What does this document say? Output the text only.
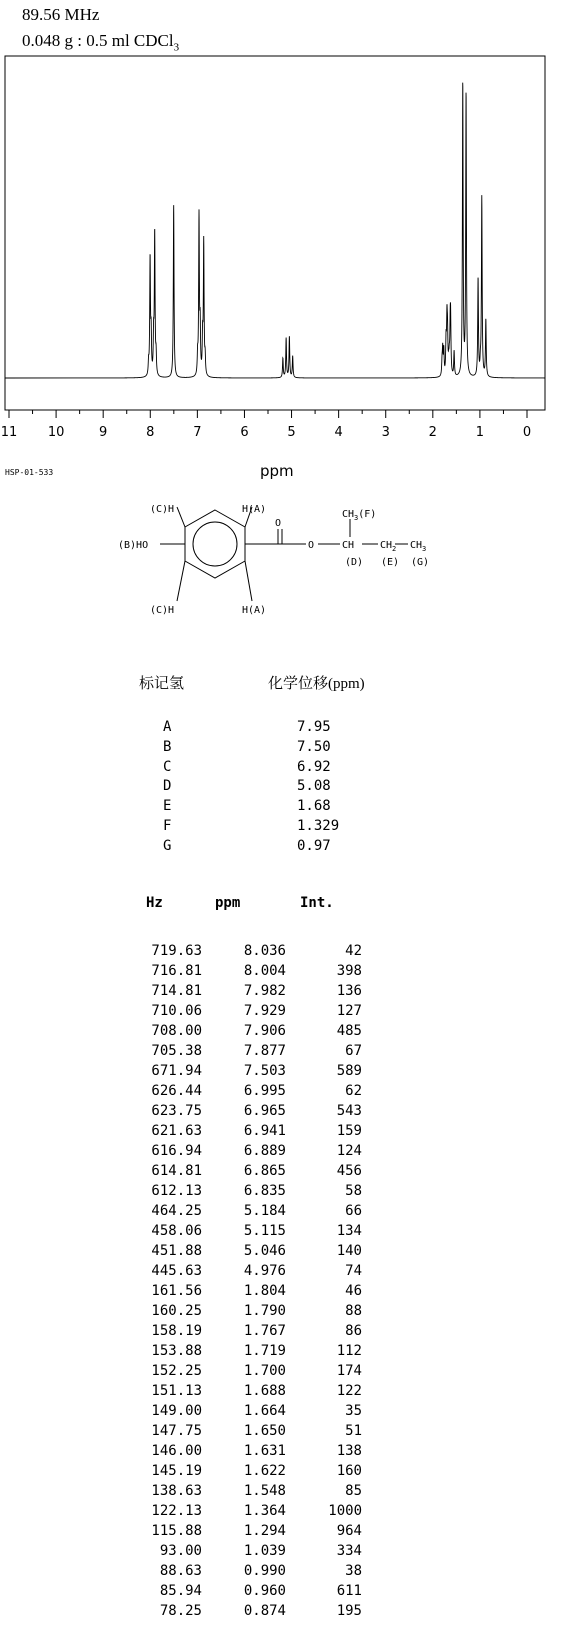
89.56 MHz
0.048 g : 0.5 ml CDCl$_3$
11 10	9	8	7	6	5	4	3	2	1	0
ppm
HSP-01-533
(C)H	H(A)
(B)HO
(C)H	H(A)
O
O
$CH_3(F)$
CH	$CH_2$ $CH_3$
(D) (E) (G)
标记氢	化学位移(ppm)
A	7.95
B	7.50
C	6.92
D	5.08
E	1.68
F	1.329
G	0.97
Hz	ppm	Int.
719.63	8.036	42
716.81	8.004	398
714.81	7.982	136
710.06	7.929	127
708.00	7.906	485
705.38	7.877	67
671.94	7.503	589
626.44	6.995	62
623.75	6.965	543
621.63	6.941	159
616.94	6.889	124
614.81	6.865	456
612.13	6.835	58
464.25	5.184	66
458.06	5.115	134
451.88	5.046	140
445.63	4.976	74
161.56	1.804	46
160.25	1.790	88
158.19	1.767	86
153.88	1.719	112
152.25	1.700	174
151.13	1.688	122
149.00	1.664	35
147.75	1.650	51
146.00	1.631	138
145.19	1.622	160
138.63	1.548	85
122.13	1.364	1000
115.88	1.294	964
93.00	1.039	334
88.63	0.990	38
85.94	0.960	611
78.25	0.874	195
